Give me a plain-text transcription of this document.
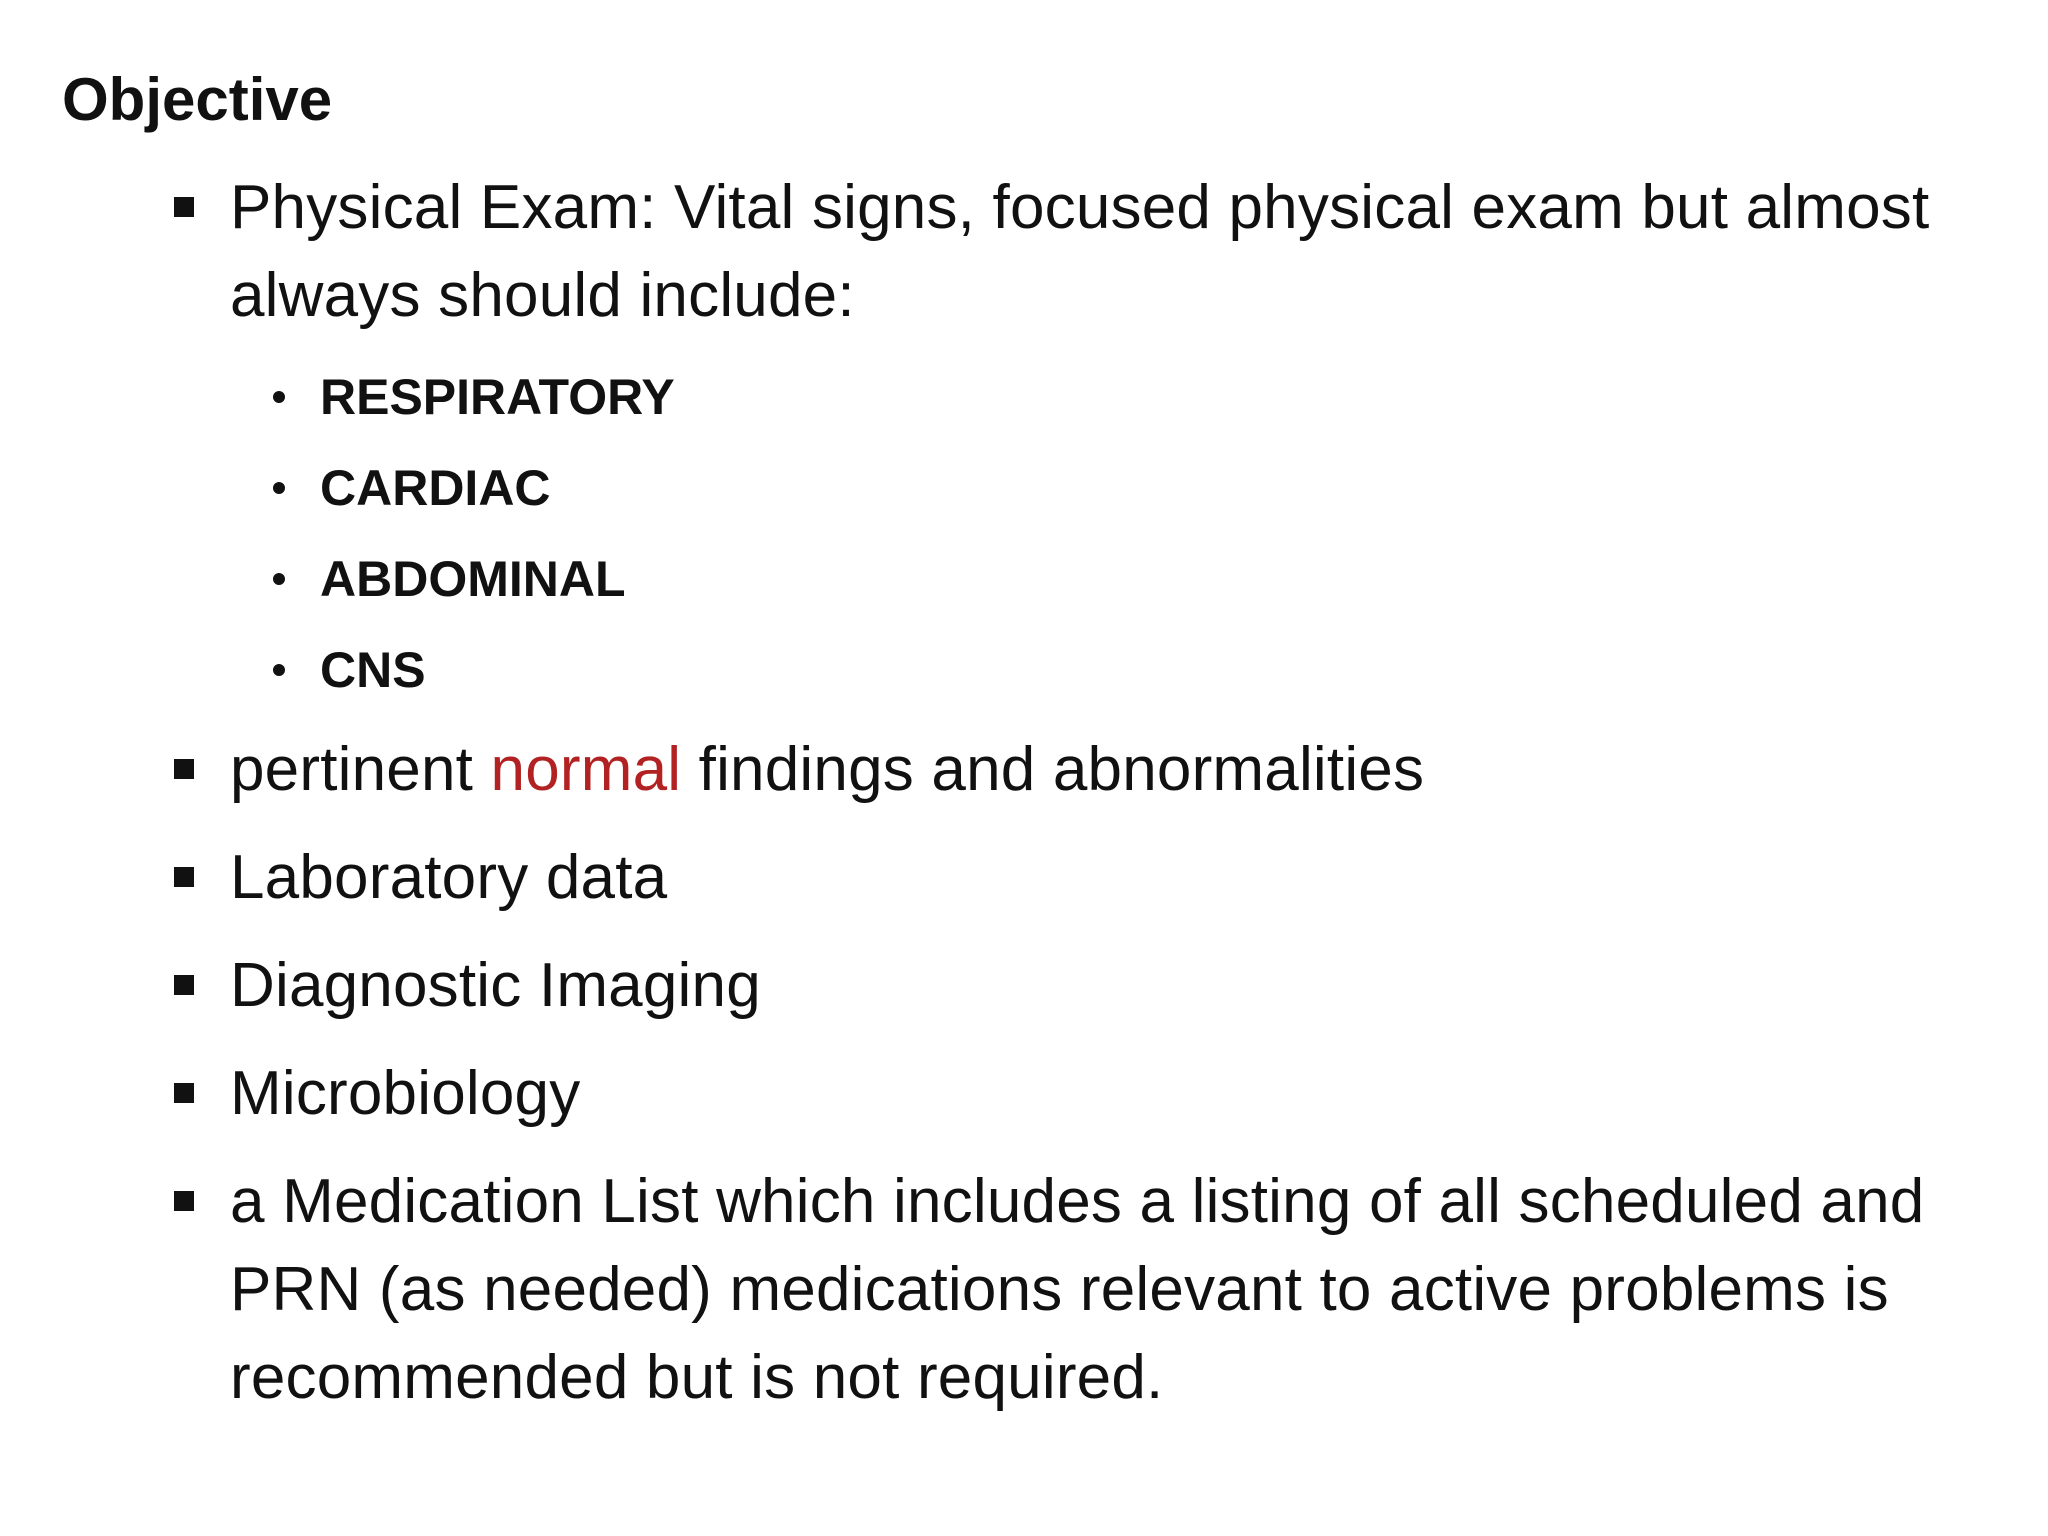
Objective
Physical Exam: Vital signs, focused physical exam but almost always should include:
RESPIRATORY
CARDIAC
ABDOMINAL
CNS
pertinent normal findings and abnormalities
Laboratory data
Diagnostic Imaging
Microbiology
a Medication List which includes a listing of all scheduled and PRN (as needed) medications relevant to active problems is recommended but is not required.
